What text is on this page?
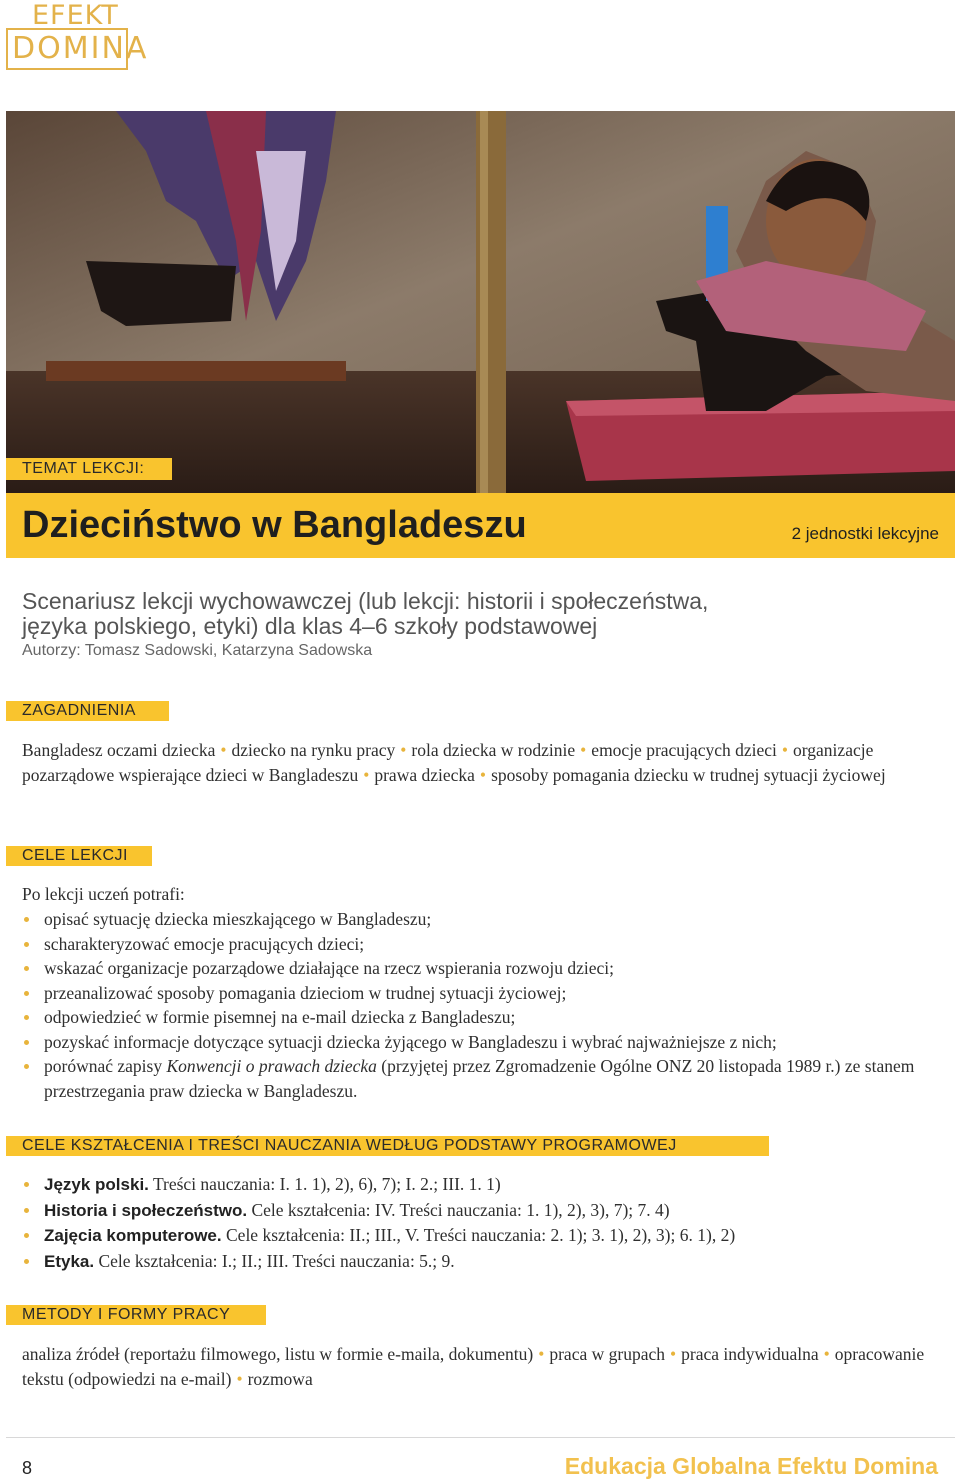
EFEKT
DOMINA
TEMAT LEKCJI:
Dzieciństwo w Bangladeszu	2 jednostki lekcyjne
Scenariusz lekcji wychowawczej (lub lekcji: historii i społeczeństwa,
języka polskiego, etyki) dla klas 4–6 szkoły podstawowej
Autorzy: Tomasz Sadowski, Katarzyna Sadowska
ZAGADNIENIA
Bangladesz oczami dziecka • dziecko na rynku pracy • rola dziecka w rodzinie • emocje pracujących dzieci • organizacje pozarządowe wspierające dzieci w Bangladeszu • prawa dziecka • sposoby pomagania dziecku w trudnej sytuacji życiowej
CELE LEKCJI
Po lekcji uczeń potrafi:
opisać sytuację dziecka mieszkającego w Bangladeszu;
scharakteryzować emocje pracujących dzieci;
wskazać organizacje pozarządowe działające na rzecz wspierania rozwoju dzieci;
przeanalizować sposoby pomagania dzieciom w trudnej sytuacji życiowej;
odpowiedzieć w formie pisemnej na e-mail dziecka z Bangladeszu;
pozyskać informacje dotyczące sytuacji dziecka żyjącego w Bangladeszu i wybrać najważniejsze z nich;
porównać zapisy Konwencji o prawach dziecka (przyjętej przez Zgromadzenie Ogólne ONZ 20 listopada 1989 r.) ze stanem przestrzegania praw dziecka w Bangladeszu.
CELE KSZTAŁCENIA I TREŚCI NAUCZANIA WEDŁUG PODSTAWY PROGRAMOWEJ
Język polski. Treści nauczania: I. 1. 1), 2), 6), 7); I. 2.; III. 1. 1)
Historia i społeczeństwo. Cele kształcenia: IV. Treści nauczania: 1. 1), 2), 3), 7); 7. 4)
Zajęcia komputerowe. Cele kształcenia: II.; III., V. Treści nauczania: 2. 1); 3. 1), 2), 3); 6. 1), 2)
Etyka. Cele kształcenia: I.; II.; III. Treści nauczania: 5.; 9.
METODY I FORMY PRACY
analiza źródeł (reportażu filmowego, listu w formie e-maila, dokumentu) • praca w grupach • praca indywidualna • opracowanie tekstu (odpowiedzi na e-mail) • rozmowa
8	Edukacja Globalna Efektu Domina
